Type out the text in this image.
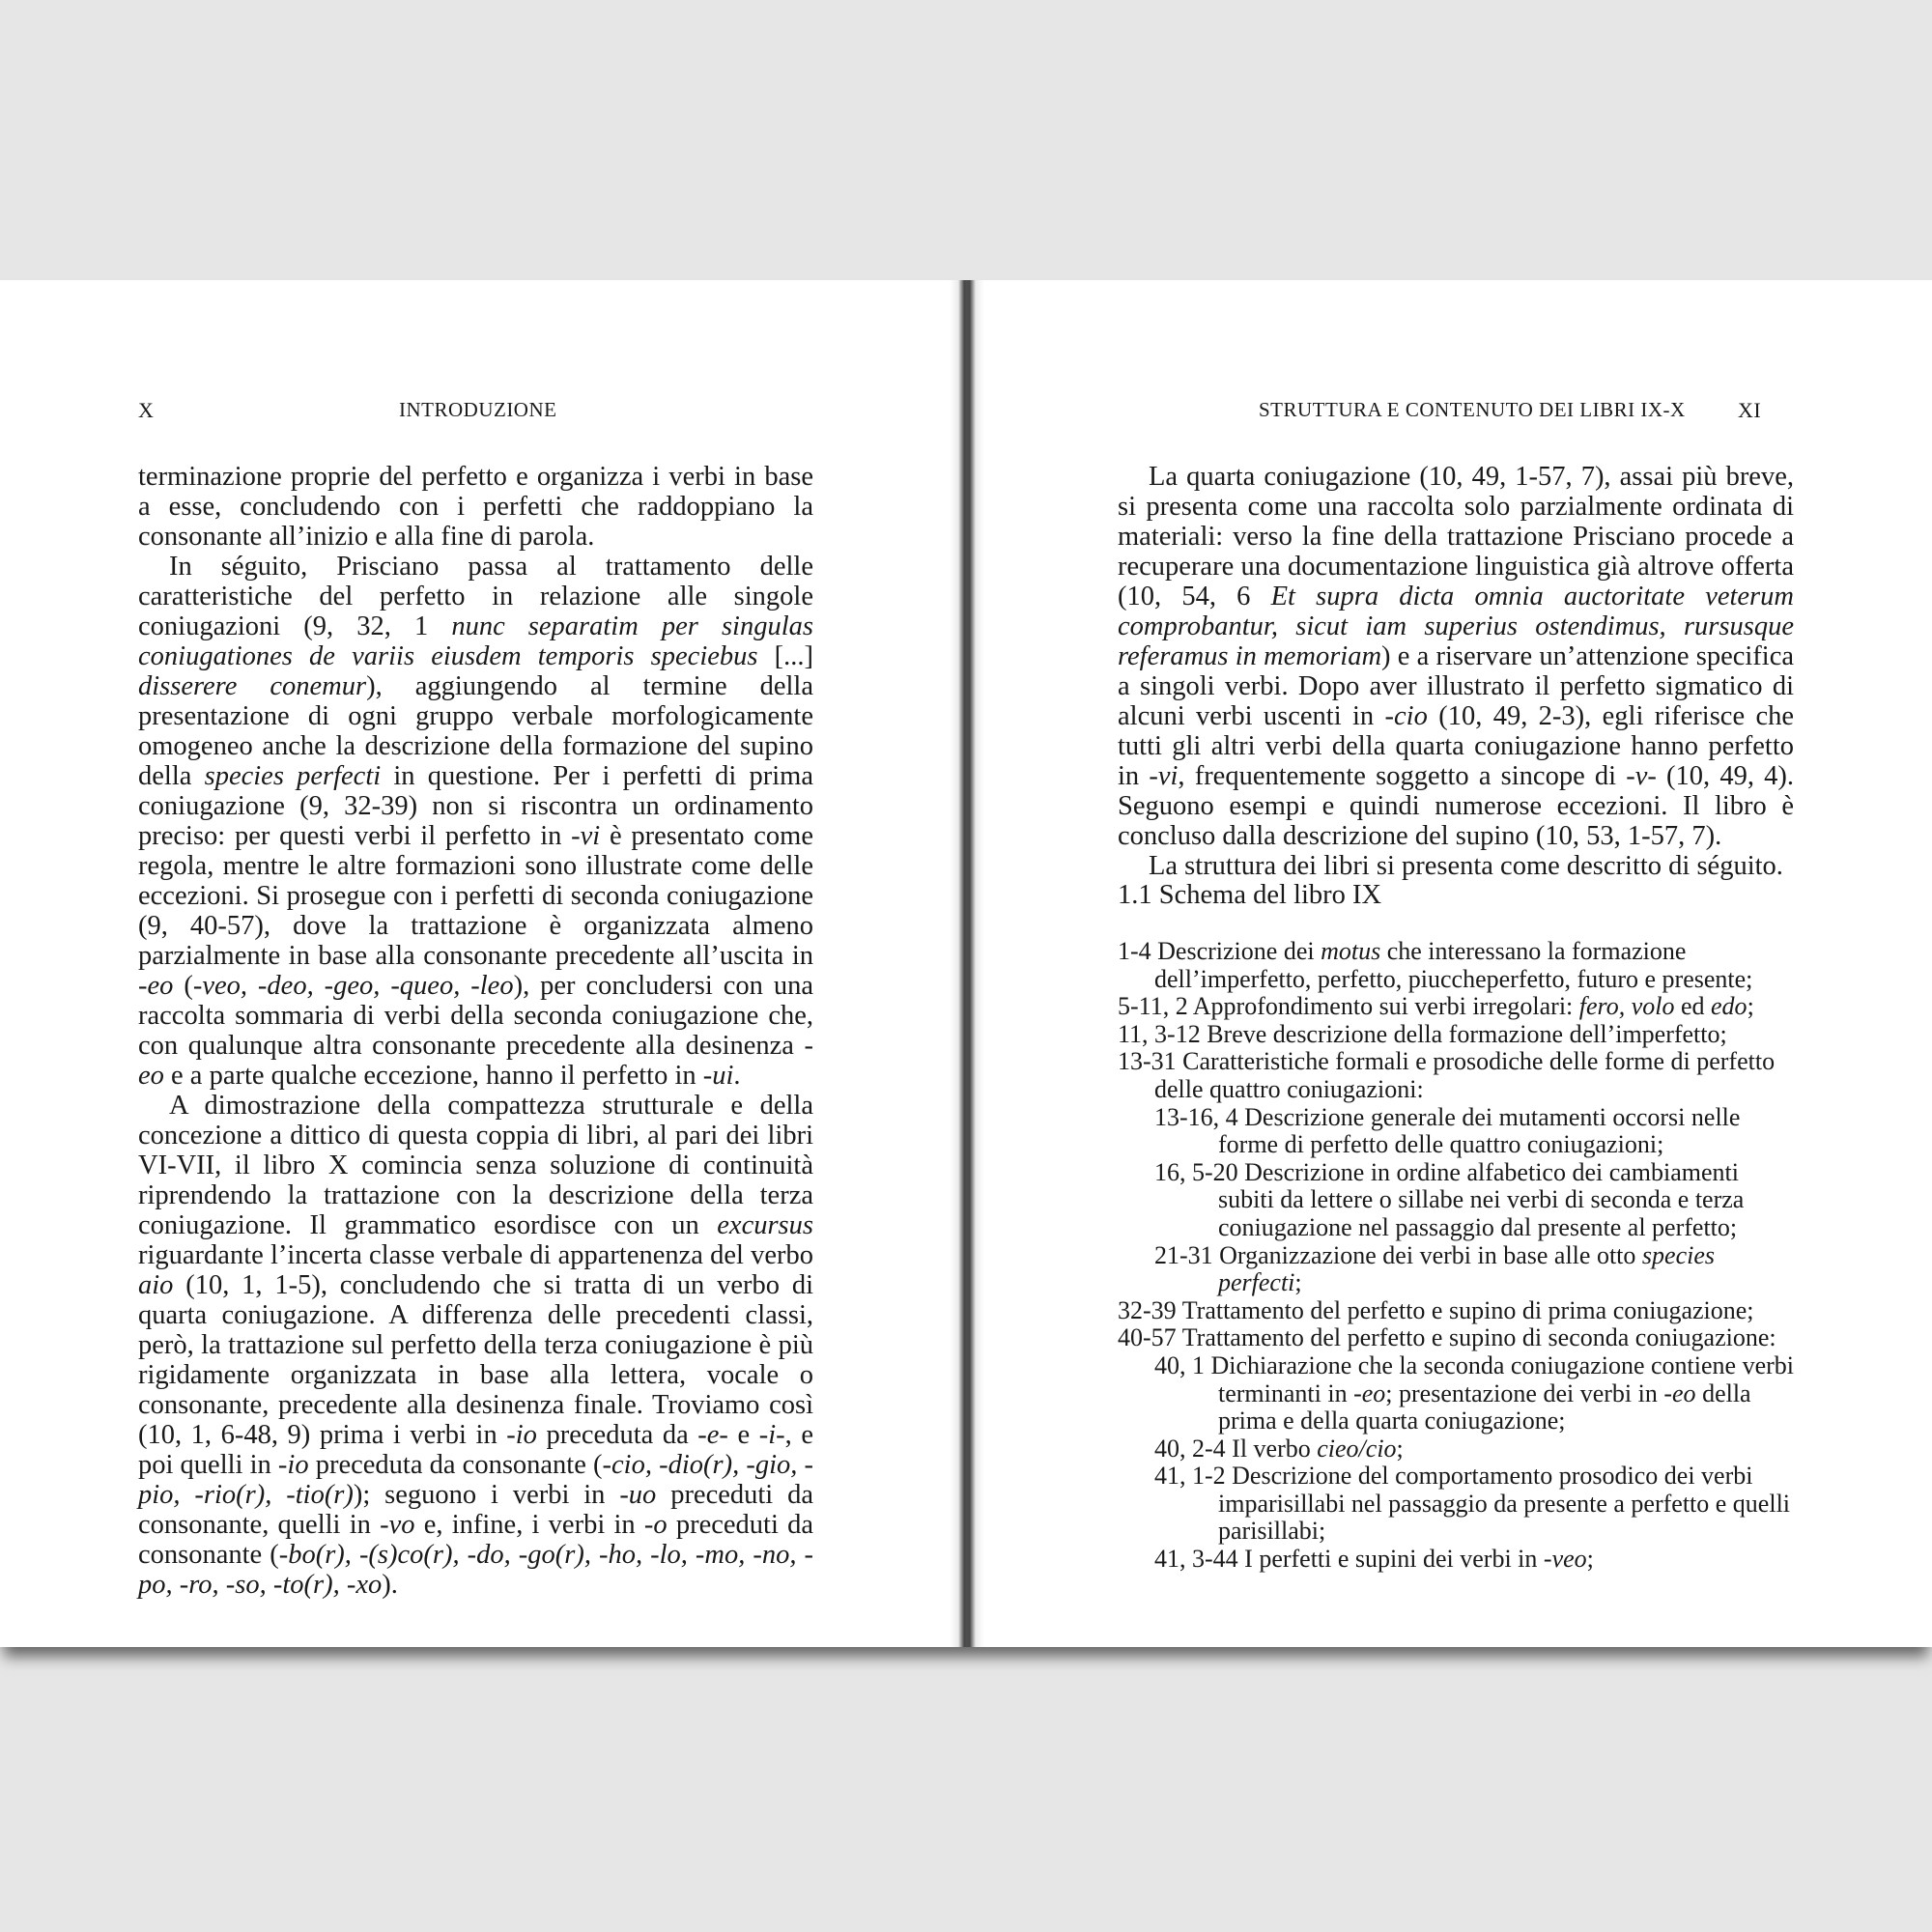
X	INTRODUZIONE

terminazione proprie del perfetto e organizza i verbi in base a esse, concludendo con i perfetti che raddoppiano la consonante all’inizio e alla fine di parola.

In séguito, Prisciano passa al trattamento delle caratteristiche del perfetto in relazione alle singole coniugazioni (9, 32, 1 nunc separatim per singulas coniugationes de variis eiusdem temporis speciebus [...] disserere conemur), aggiungendo al termine della presentazione di ogni gruppo verbale morfologicamente omogeneo anche la descrizione della formazione del supino della species perfecti in questione. Per i perfetti di prima coniugazione (9, 32-39) non si riscontra un ordinamento preciso: per questi verbi il perfetto in -vi è presentato come regola, mentre le altre formazioni sono illustrate come delle eccezioni. Si prosegue con i perfetti di seconda coniugazione (9, 40-57), dove la trattazione è organizzata almeno parzialmente in base alla consonante precedente all’uscita in -eo (-veo, -deo, -geo, -queo, -leo), per concludersi con una raccolta sommaria di verbi della seconda coniugazione che, con qualunque altra consonante precedente alla desinenza -eo e a parte qualche eccezione, hanno il perfetto in -ui.

A dimostrazione della compattezza strutturale e della concezione a dittico di questa coppia di libri, al pari dei libri VI-VII, il libro X comincia senza soluzione di continuità riprendendo la trattazione con la descrizione della terza coniugazione. Il grammatico esordisce con un excursus riguardante l’incerta classe verbale di appartenenza del verbo aio (10, 1, 1-5), concludendo che si tratta di un verbo di quarta coniugazione. A differenza delle precedenti classi, però, la trattazione sul perfetto della terza coniugazione è più rigidamente organizzata in base alla lettera, vocale o consonante, precedente alla desinenza finale. Troviamo così (10, 1, 6-48, 9) prima i verbi in -io preceduta da -e- e -i-, e poi quelli in -io preceduta da consonante (-cio, -dio(r), -gio, -pio, -rio(r), -tio(r)); seguono i verbi in -uo preceduti da consonante, quelli in -vo e, infine, i verbi in -o preceduti da consonante (-bo(r), -(s)co(r), -do, -go(r), -ho, -lo, -mo, -no, -po, -ro, -so, -to(r), -xo).

STRUTTURA E CONTENUTO DEI LIBRI IX-X XI

La quarta coniugazione (10, 49, 1-57, 7), assai più breve, si presenta come una raccolta solo parzialmente ordinata di materiali: verso la fine della trattazione Prisciano procede a recuperare una documentazione linguistica già altrove offerta (10, 54, 6 Et supra dicta omnia auctoritate veterum comprobantur, sicut iam superius ostendimus, rursusque referamus in memoriam) e a riservare un’attenzione specifica a singoli verbi. Dopo aver illustrato il perfetto sigmatico di alcuni verbi uscenti in -cio (10, 49, 2-3), egli riferisce che tutti gli altri verbi della quarta coniugazione hanno perfetto in -vi, frequentemente soggetto a sincope di -v- (10, 49, 4). Seguono esempi e quindi numerose eccezioni. Il libro è concluso dalla descrizione del supino (10, 53, 1-57, 7).

La struttura dei libri si presenta come descritto di séguito.

1.1 Schema del libro IX
1-4 Descrizione dei motus che interessano la formazione dell’imperfetto, perfetto, piuccheperfetto, futuro e presente;
5-11, 2 Approfondimento sui verbi irregolari: fero, volo ed edo;
11, 3-12 Breve descrizione della formazione dell’imperfetto;
13-31 Caratteristiche formali e prosodiche delle forme di perfetto delle quattro coniugazioni:
13-16, 4 Descrizione generale dei mutamenti occorsi nelle forme di perfetto delle quattro coniugazioni;
16, 5-20 Descrizione in ordine alfabetico dei cambiamenti subiti da lettere o sillabe nei verbi di seconda e terza coniugazione nel passaggio dal presente al perfetto;
21-31 Organizzazione dei verbi in base alle otto species perfecti;
32-39 Trattamento del perfetto e supino di prima coniugazione;
40-57 Trattamento del perfetto e supino di seconda coniugazione:
40, 1 Dichiarazione che la seconda coniugazione contiene verbi terminanti in -eo; presentazione dei verbi in -eo della prima e della quarta coniugazione;
40, 2-4 Il verbo cieo/cio;
41, 1-2 Descrizione del comportamento prosodico dei verbi imparisillabi nel passaggio da presente a perfetto e quelli parisillabi;
41, 3-44 I perfetti e supini dei verbi in -veo;
